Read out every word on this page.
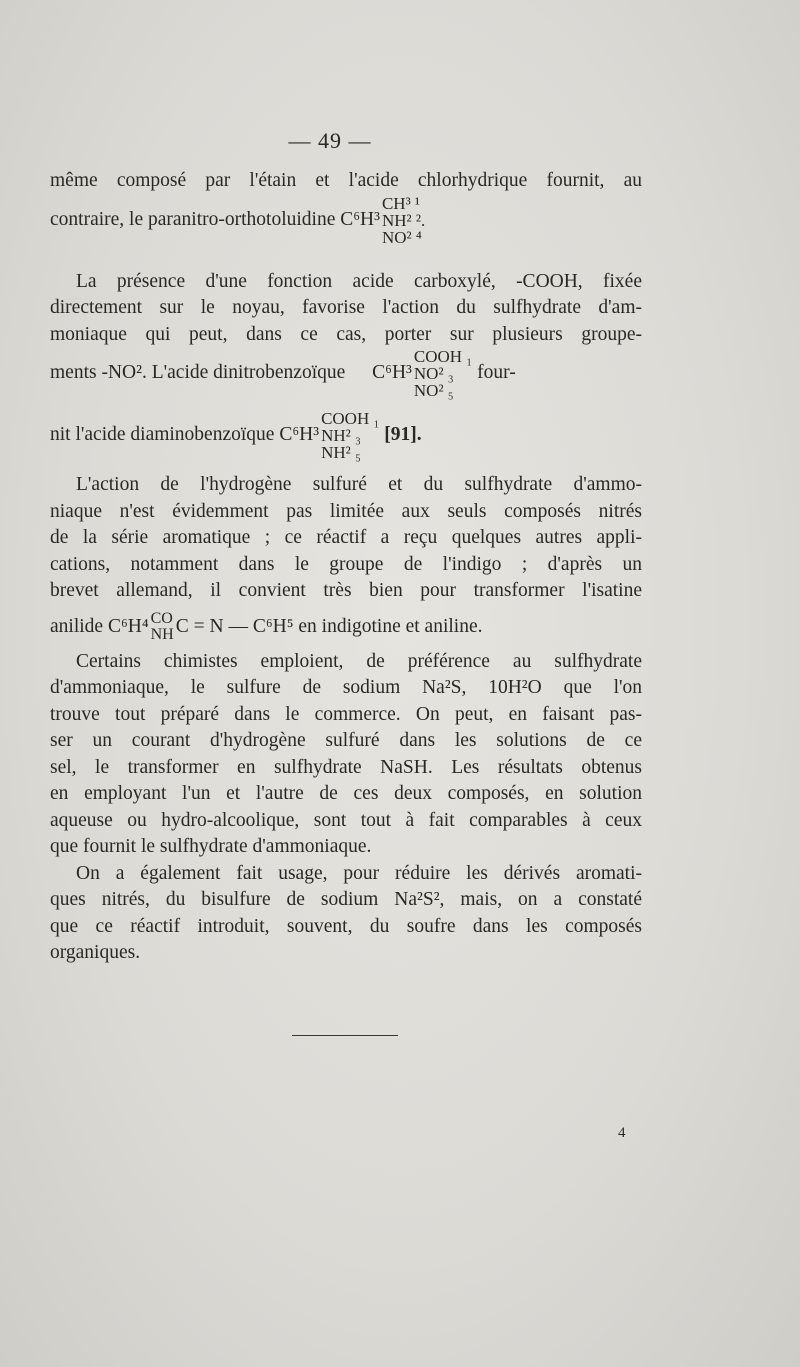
— 49 —
même composé par l'étain et l'acide chlorhydrique fournit, au
contraire, le paranitro-orthotoluidine C⁶H³
CH³ ¹
NH² ².
NO² ⁴
La présence d'une fonction acide carboxylé, -COOH, fixée
directement sur le noyau, favorise l'action du sulfhydrate d'am-
moniaque qui peut, dans ce cas, porter sur plusieurs groupe-
ments -NO². L'acide dinitrobenzoïque C⁶H³
COOH ₁
NO² ₃
NO² ₅
four-
nit l'acide diaminobenzoïque C⁶H³
COOH ₁
NH² ₃
NH² ₅
[91].
L'action de l'hydrogène sulfuré et du sulfhydrate d'ammo-
niaque n'est évidemment pas limitée aux seuls composés nitrés
de la série aromatique ; ce réactif a reçu quelques autres appli-
cations, notamment dans le groupe de l'indigo ; d'après un
brevet allemand, il convient très bien pour transformer l'isatine
anilide C⁶H⁴ CO
NH C = N — C⁶H⁵ en indigotine et aniline.
Certains chimistes emploient, de préférence au sulfhydrate
d'ammoniaque, le sulfure de sodium Na²S, 10H²O que l'on
trouve tout préparé dans le commerce. On peut, en faisant pas-
ser un courant d'hydrogène sulfuré dans les solutions de ce
sel, le transformer en sulfhydrate NaSH. Les résultats obtenus
en employant l'un et l'autre de ces deux composés, en solution
aqueuse ou hydro-alcoolique, sont tout à fait comparables à ceux
que fournit le sulfhydrate d'ammoniaque.
On a également fait usage, pour réduire les dérivés aromati-
ques nitrés, du bisulfure de sodium Na²S², mais, on a constaté
que ce réactif introduit, souvent, du soufre dans les composés
organiques.
4
